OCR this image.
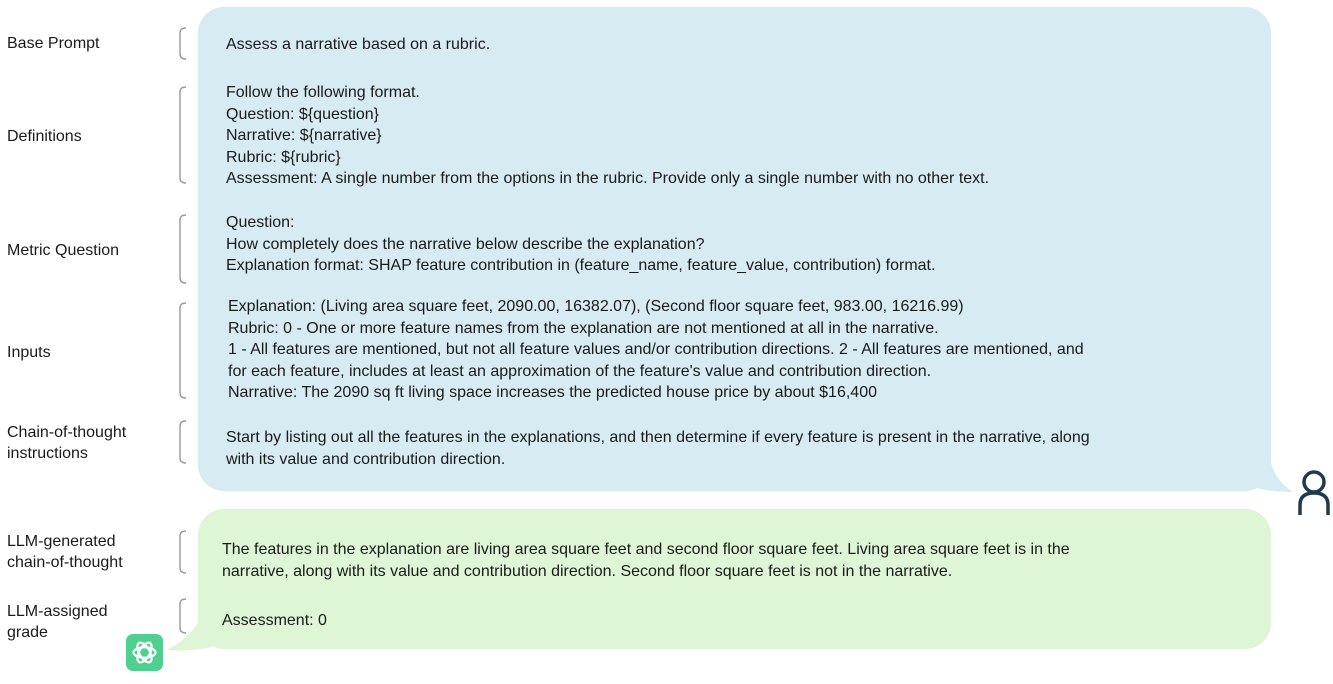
Base Prompt
Definitions
Metric Question
Inputs
Chain-of-thought
instructions
LLM-generated
chain-of-thought
LLM-assigned
grade
Assess a narrative based on a rubric.
Follow the following format.
Question: ${question}
Narrative: ${narrative}
Rubric: ${rubric}
Assessment: A single number from the options in the rubric. Provide only a single number with no other text.
Question:
How completely does the narrative below describe the explanation?
Explanation format: SHAP feature contribution in (feature_name, feature_value, contribution) format.
Explanation: (Living area square feet, 2090.00, 16382.07), (Second floor square feet, 983.00, 16216.99)
Rubric: 0 - One or more feature names from the explanation are not mentioned at all in the narrative.
1 - All features are mentioned, but not all feature values and/or contribution directions. 2 - All features are mentioned, and
for each feature, includes at least an approximation of the feature's value and contribution direction.
Narrative: The 2090 sq ft living space increases the predicted house price by about $16,400
Start by listing out all the features in the explanations, and then determine if every feature is present in the narrative, along
with its value and contribution direction.
The features in the explanation are living area square feet and second floor square feet. Living area square feet is in the
narrative, along with its value and contribution direction. Second floor square feet is not in the narrative.
Assessment: 0
